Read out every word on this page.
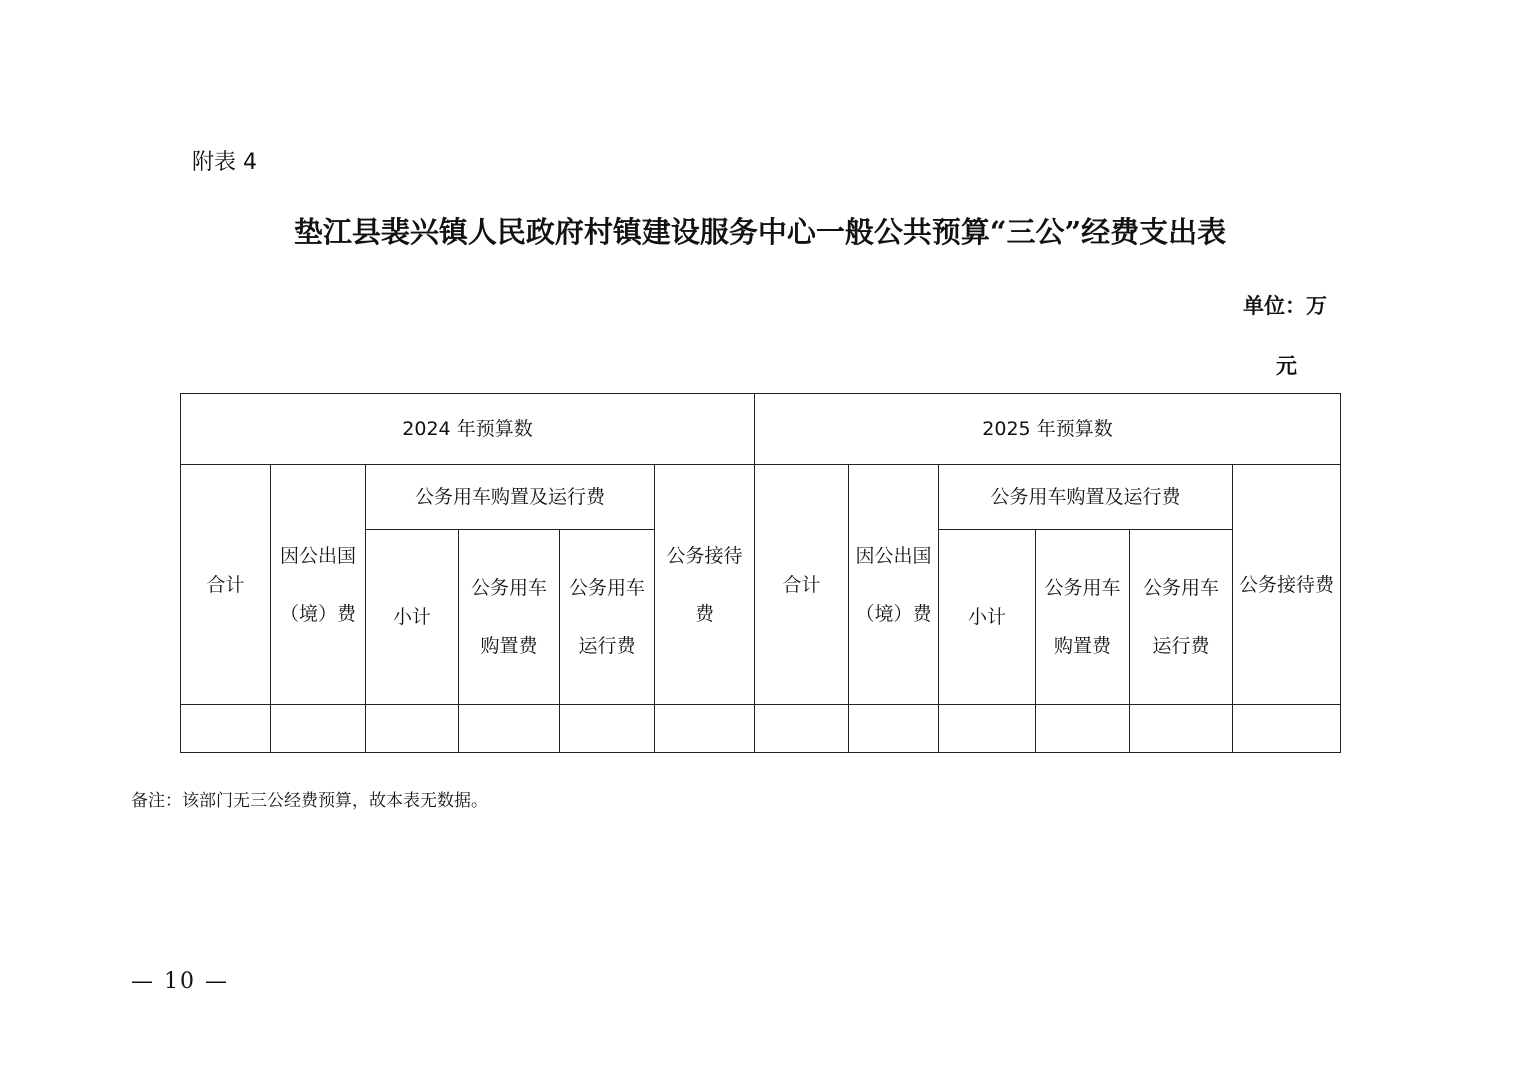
附表 4
垫江县裴兴镇人民政府村镇建设服务中心一般公共预算“三公”经费支出表
单位：万
元
2024 年预算数						2025 年预算数					
合计	因公出国（境）费	公务用车购置及运行费			公务接待费	合计	因公出国（境）费	公务用车购置及运行费			公务接待费
		小计	公务用车购置费	公务用车运行费				小计	公务用车购置费	公务用车运行费	

备注：该部门无三公经费预算，故本表无数据。
— 10 —
